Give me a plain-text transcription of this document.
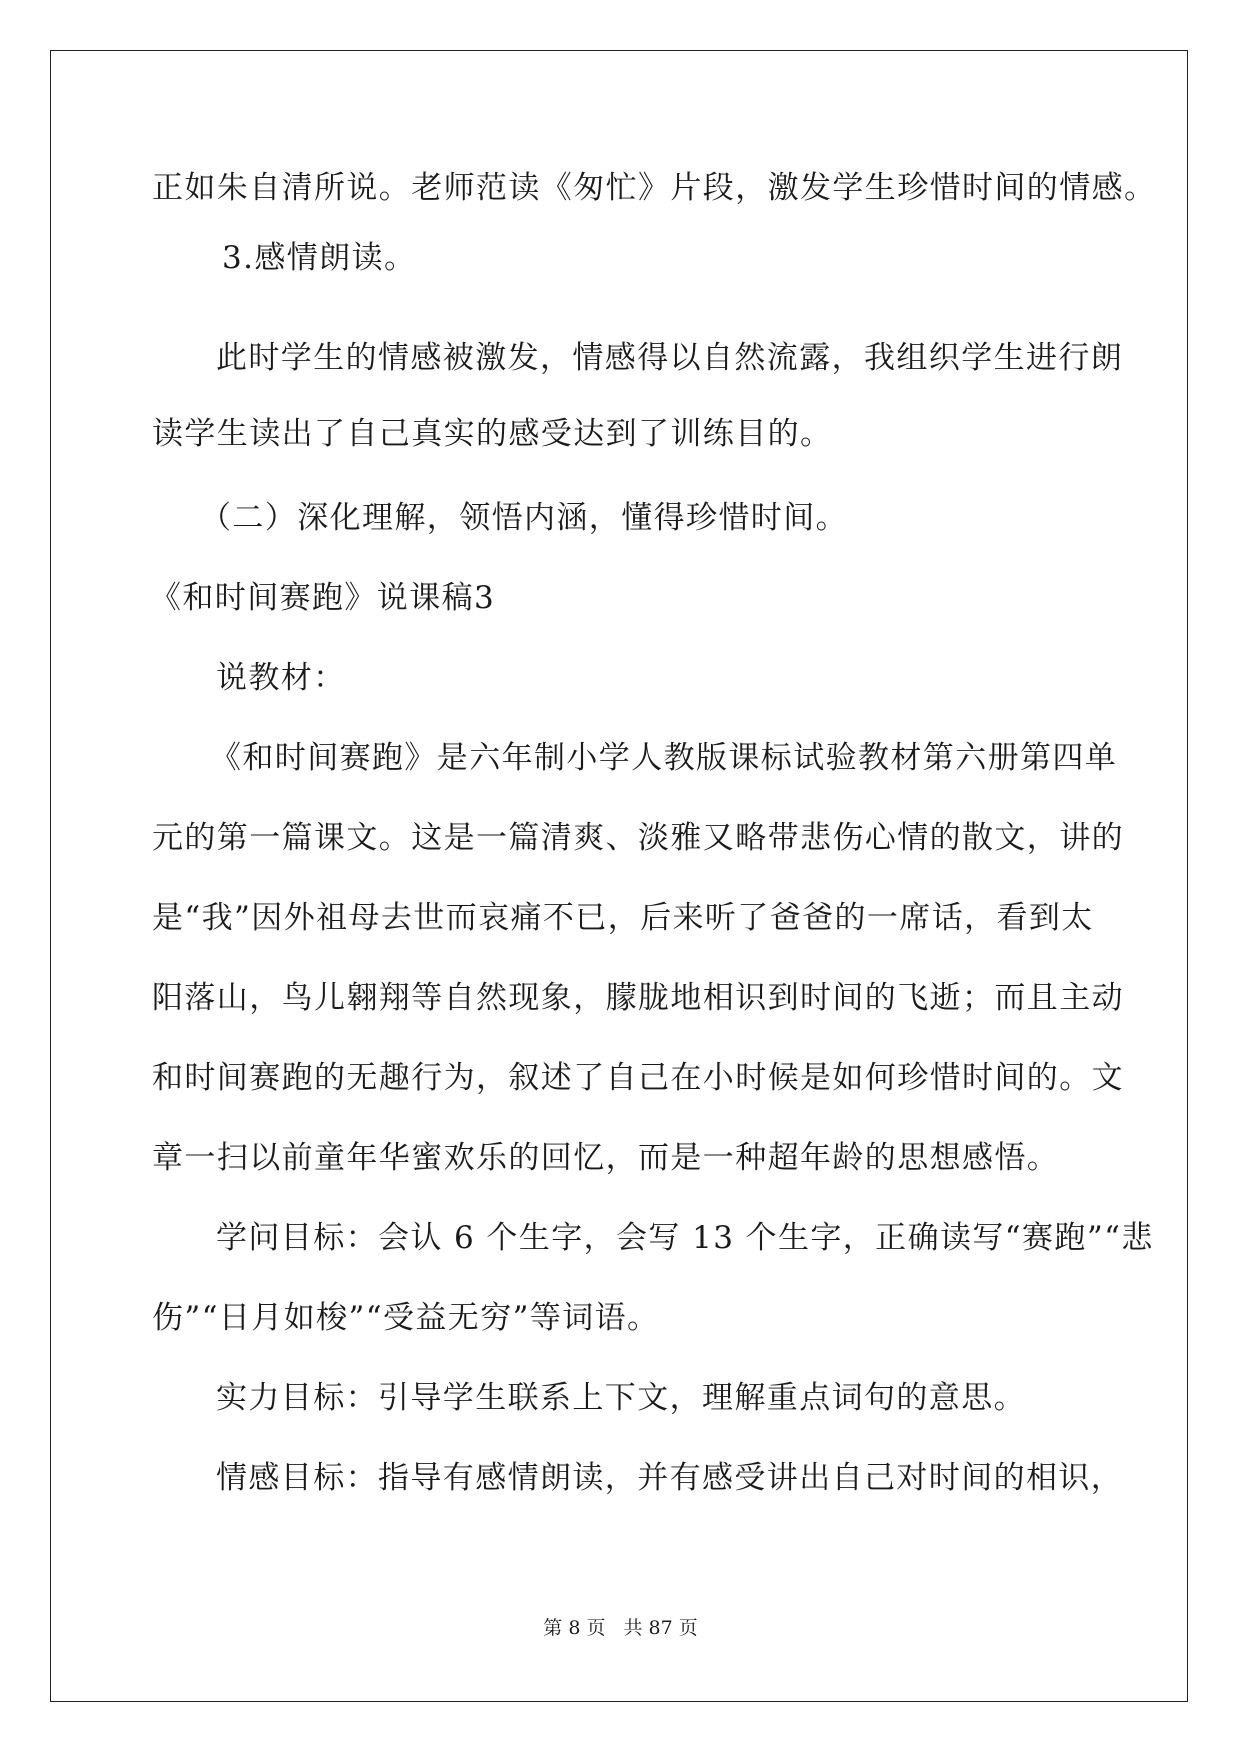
正如朱自清所说。老师范读《匆忙》片段，激发学生珍惜时间的情感。
3.感情朗读。
此时学生的情感被激发，情感得以自然流露，我组织学生进行朗
读学生读出了自己真实的感受达到了训练目的。
（二）深化理解，领悟内涵，懂得珍惜时间。
《和时间赛跑》说课稿3
说教材：
《和时间赛跑》是六年制小学人教版课标试验教材第六册第四单
元的第一篇课文。这是一篇清爽、淡雅又略带悲伤心情的散文，讲的
是“我”因外祖母去世而哀痛不已，后来听了爸爸的一席话，看到太
阳落山，鸟儿翱翔等自然现象，朦胧地相识到时间的飞逝；而且主动
和时间赛跑的无趣行为，叙述了自己在小时候是如何珍惜时间的。文
章一扫以前童年华蜜欢乐的回忆，而是一种超年龄的思想感悟。
学问目标：会认 6 个生字，会写 13 个生字，正确读写“赛跑”“悲
伤”“日月如梭”“受益无穷”等词语。
实力目标：引导学生联系上下文，理解重点词句的意思。
情感目标：指导有感情朗读，并有感受讲出自己对时间的相识，
第 8 页 共 87 页
